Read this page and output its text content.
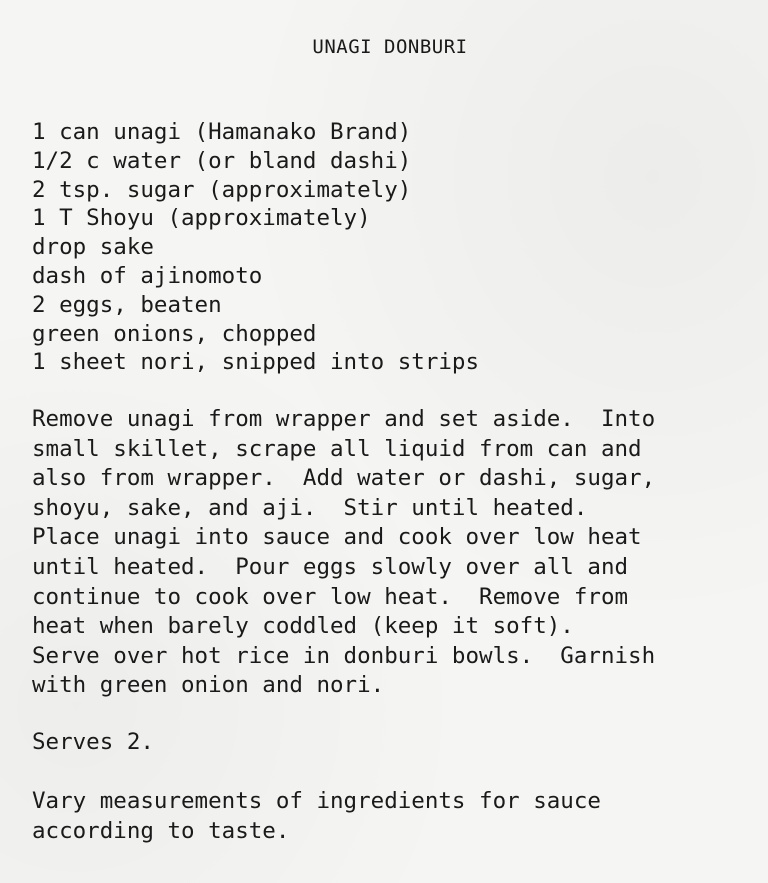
UNAGI DONBURI
1 can unagi (Hamanako Brand)
1/2 c water (or bland dashi)
2 tsp. sugar (approximately)
1 T Shoyu (approximately)
drop sake
dash of ajinomoto
2 eggs, beaten
green onions, chopped
1 sheet nori, snipped into strips

Remove unagi from wrapper and set aside.  Into
small skillet, scrape all liquid from can and
also from wrapper.  Add water or dashi, sugar,
shoyu, sake, and aji.  Stir until heated.
Place unagi into sauce and cook over low heat
until heated.  Pour eggs slowly over all and
continue to cook over low heat.  Remove from
heat when barely coddled (keep it soft).
Serve over hot rice in donburi bowls.  Garnish
with green onion and nori.

Serves 2.

Vary measurements of ingredients for sauce
according to taste.
